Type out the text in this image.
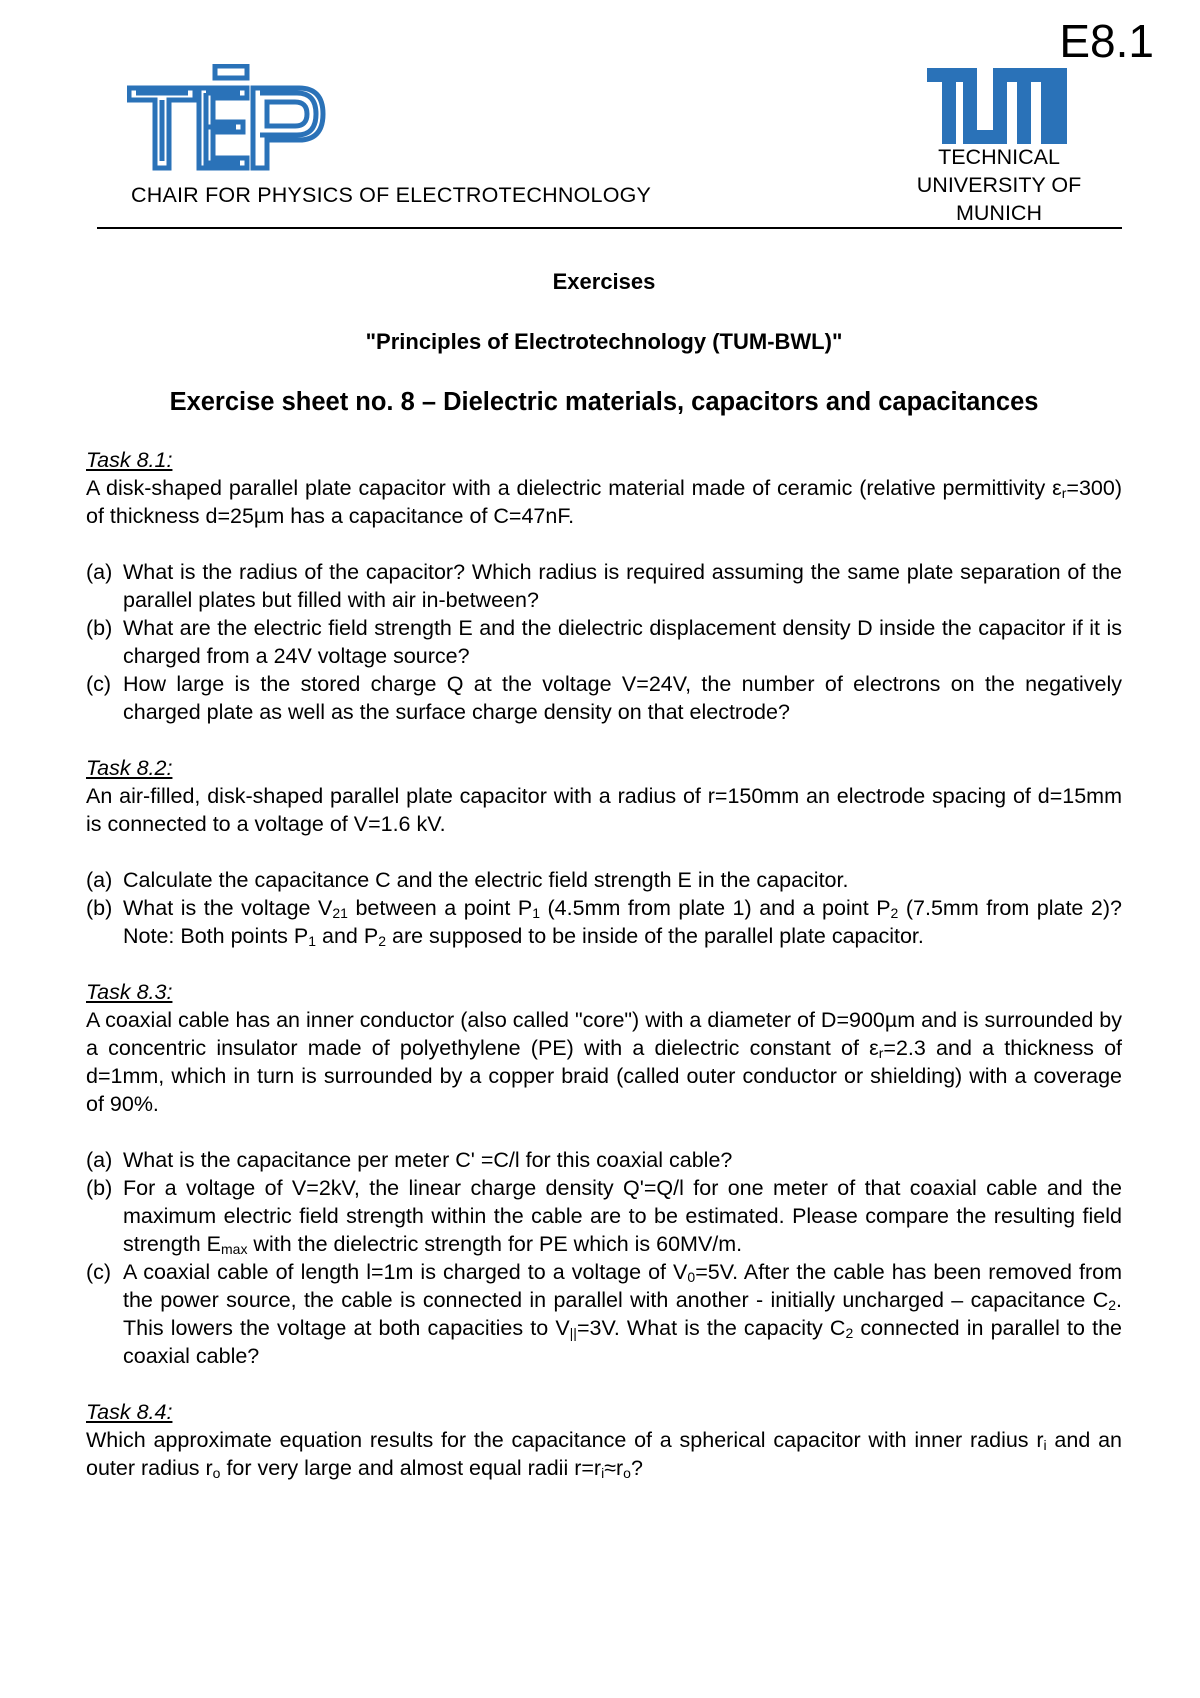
E8.1
CHAIR FOR PHYSICS OF ELECTROTECHNOLOGY
TECHNICAL
UNIVERSITY OF
MUNICH

Exercises

"Principles of Electrotechnology (TUM-BWL)"

Exercise sheet no. 8 – Dielectric materials, capacitors and capacitances

Task 8.1:

A disk-shaped parallel plate capacitor with a dielectric material made of ceramic (relative permittivity $\varepsilon_r=300$) of thickness d=25µm has a capacitance of C=47nF.

(a) What is the radius of the capacitor? Which radius is required assuming the same plate separation of the parallel plates but filled with air in-between?
(b) What are the electric field strength E and the dielectric displacement density D inside the capacitor if it is charged from a 24V voltage source?
(c) How large is the stored charge Q at the voltage V=24V, the number of electrons on the negatively charged plate as well as the surface charge density on that electrode?
Task 8.2:

An air-filled, disk-shaped parallel plate capacitor with a radius of r=150mm an electrode spacing of d=15mm is connected to a voltage of V=1.6 kV.

(a) Calculate the capacitance C and the electric field strength E in the capacitor.
(b) What is the voltage $V_{21}$ between a point $P_1$ (4.5mm from plate 1) and a point $P_2$ (7.5mm from plate 2)? Note: Both points $P_1$ and $P_2$ are supposed to be inside of the parallel plate capacitor.
Task 8.3:

A coaxial cable has an inner conductor (also called "core") with a diameter of D=900µm and is surrounded by a concentric insulator made of polyethylene (PE) with a dielectric constant of $\varepsilon_r=2.3$ and a thickness of d=1mm, which in turn is surrounded by a copper braid (called outer conductor or shielding) with a coverage of 90%.

(a) What is the capacitance per meter C' =C/l for this coaxial cable?
(b) For a voltage of V=2kV, the linear charge density Q'=Q/l for one meter of that coaxial cable and the maximum electric field strength within the cable are to be estimated. Please compare the resulting field strength $E_{max}$ with the dielectric strength for PE which is 60MV/m.
(c) A coaxial cable of length l=1m is charged to a voltage of $V_0=5V$. After the cable has been removed from the power source, the cable is connected in parallel with another - initially uncharged – capacitance $C_2$. This lowers the voltage at both capacities to $V_{||}=3V$. What is the capacity $C_2$ connected in parallel to the coaxial cable?
Task 8.4:

Which approximate equation results for the capacitance of a spherical capacitor with inner radius $r_i$ and an outer radius $r_o$ for very large and almost equal radii $r=r_i\approx r_o$?
